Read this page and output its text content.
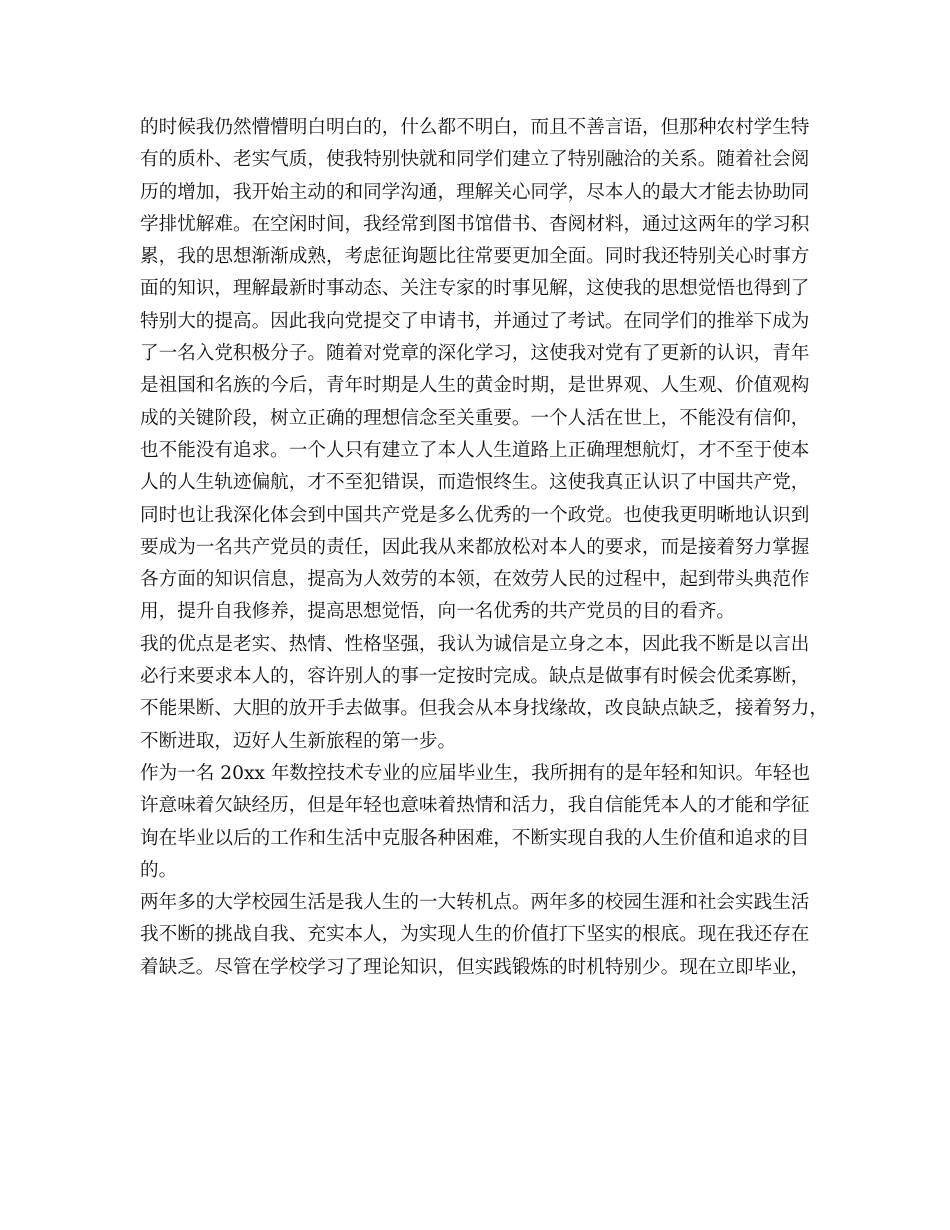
的时候我仍然懵懵明白明白的，什么都不明白，而且不善言语，但那种农村学生特
有的质朴、老实气质，使我特别快就和同学们建立了特别融洽的关系。随着社会阅
历的增加，我开始主动的和同学沟通，理解关心同学，尽本人的最大才能去协助同
学排忧解难。在空闲时间，我经常到图书馆借书、杳阅材料，通过这两年的学习积
累，我的思想渐渐成熟，考虑征询题比往常要更加全面。同时我还特别关心时事方
面的知识，理解最新时事动态、关注专家的时事见解，这使我的思想觉悟也得到了
特别大的提高。因此我向党提交了申请书，并通过了考试。在同学们的推举下成为
了一名入党积极分子。随着对党章的深化学习，这使我对党有了更新的认识，青年
是祖国和名族的今后，青年时期是人生的黄金时期，是世界观、人生观、价值观构
成的关键阶段，树立正确的理想信念至关重要。一个人活在世上，不能没有信仰，
也不能没有追求。一个人只有建立了本人人生道路上正确理想航灯，才不至于使本
人的人生轨迹偏航，才不至犯错误，而造恨终生。这使我真正认识了中国共产党，
同时也让我深化体会到中国共产党是多么优秀的一个政党。也使我更明晰地认识到
要成为一名共产党员的责任，因此我从来都放松对本人的要求，而是接着努力掌握
各方面的知识信息，提高为人效劳的本领，在效劳人民的过程中，起到带头典范作
用，提升自我修养，提高思想觉悟，向一名优秀的共产党员的目的看齐。
我的优点是老实、热情、性格坚强，我认为诚信是立身之本，因此我不断是以言出
必行来要求本人的，容许别人的事一定按时完成。缺点是做事有时候会优柔寡断，
不能果断、大胆的放开手去做事。但我会从本身找缘故，改良缺点缺乏，接着努力，
不断进取，迈好人生新旅程的第一步。
作为一名 20xx 年数控技术专业的应届毕业生，我所拥有的是年轻和知识。年轻也
许意味着欠缺经历，但是年轻也意味着热情和活力，我自信能凭本人的才能和学征
询在毕业以后的工作和生活中克服各种困难，不断实现自我的人生价值和追求的目
的。
两年多的大学校园生活是我人生的一大转机点。两年多的校园生涯和社会实践生活
我不断的挑战自我、充实本人，为实现人生的价值打下坚实的根底。现在我还存在
着缺乏。尽管在学校学习了理论知识，但实践锻炼的时机特别少。现在立即毕业，
